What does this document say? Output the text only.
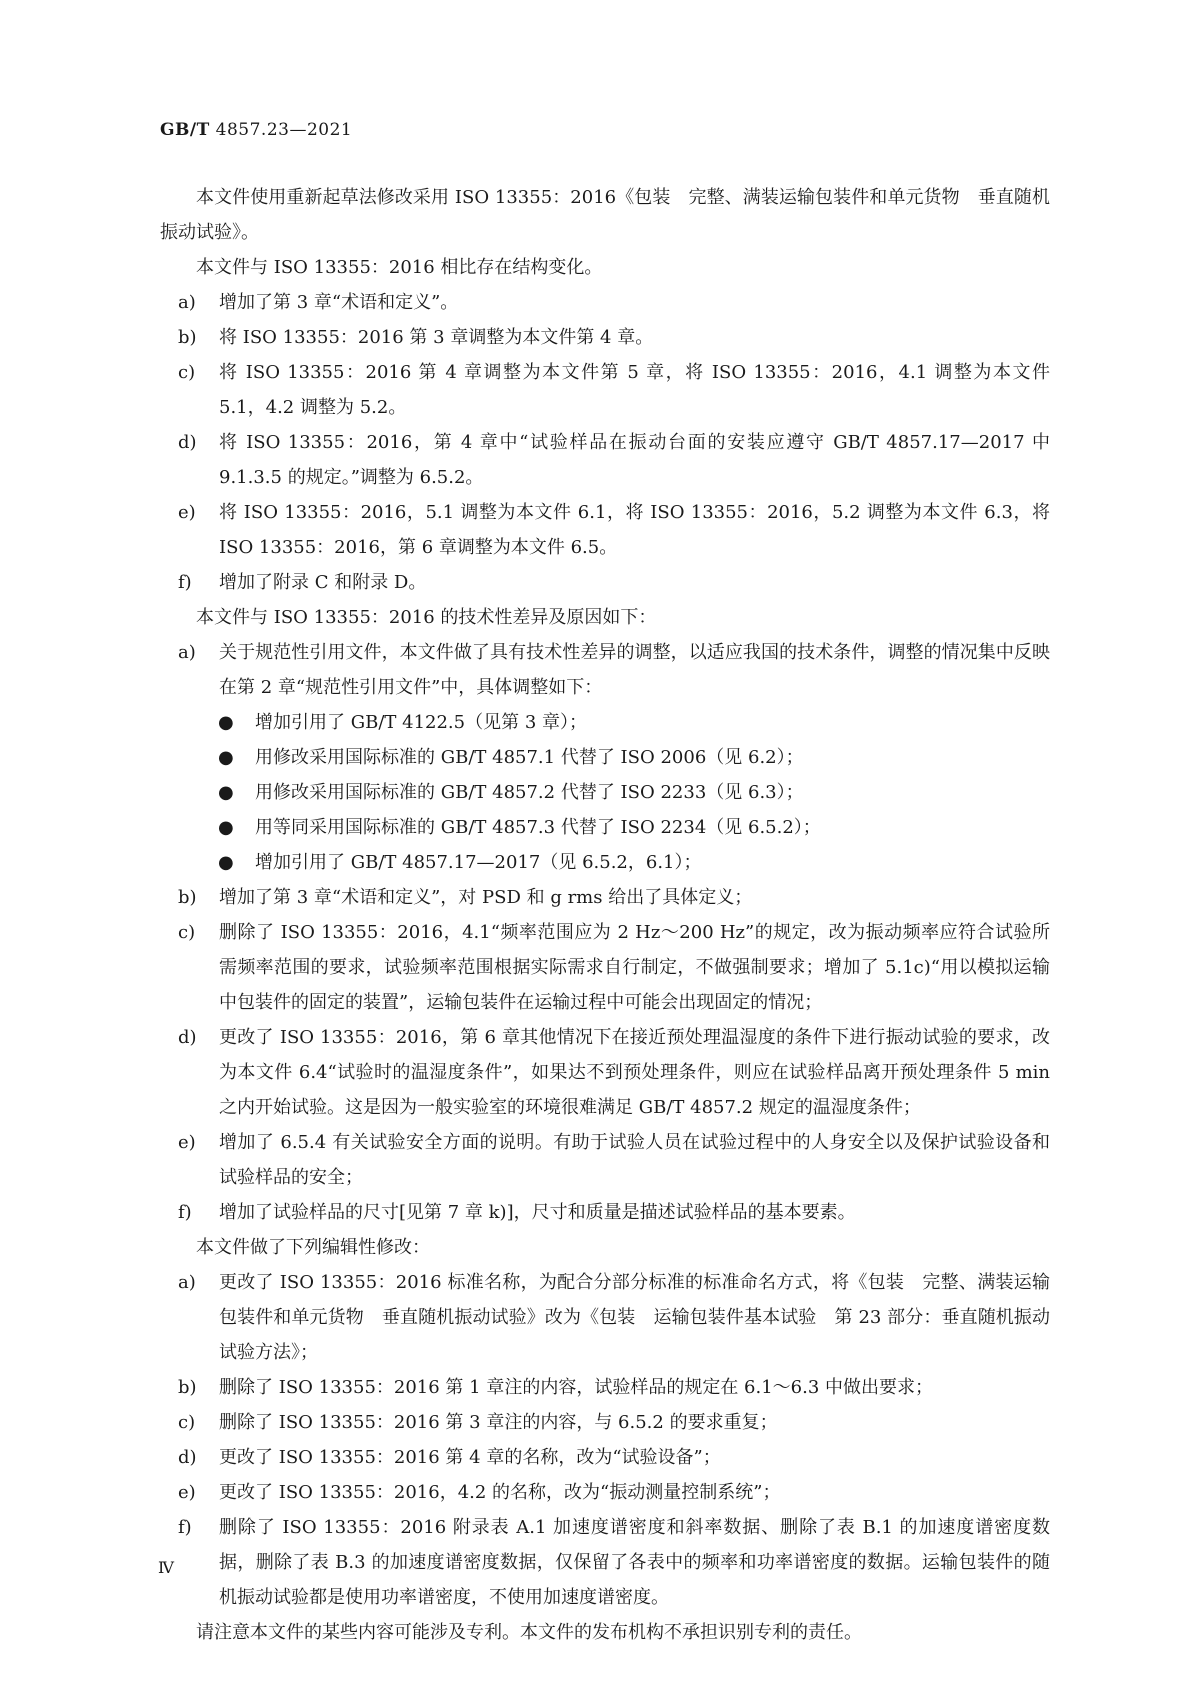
GB/T 4857.23—2021

本文件使用重新起草法修改采用 ISO 13355：2016《包装　完整、满装运输包装件和单元货物　垂直随机振动试验》。

本文件与 ISO 13355：2016 相比存在结构变化。

a) 增加了第 3 章“术语和定义”。

b) 将 ISO 13355：2016 第 3 章调整为本文件第 4 章。

c) 将 ISO 13355：2016 第 4 章调整为本文件第 5 章，将 ISO 13355：2016，4.1 调整为本文件 5.1，4.2 调整为 5.2。

d) 将 ISO 13355：2016，第 4 章中“试验样品在振动台面的安装应遵守 GB/T 4857.17—2017 中 9.1.3.5 的规定。”调整为 6.5.2。

e) 将 ISO 13355：2016，5.1 调整为本文件 6.1，将 ISO 13355：2016，5.2 调整为本文件 6.3，将 ISO 13355：2016，第 6 章调整为本文件 6.5。

f) 增加了附录 C 和附录 D。

本文件与 ISO 13355：2016 的技术性差异及原因如下：

a) 关于规范性引用文件，本文件做了具有技术性差异的调整，以适应我国的技术条件，调整的情况集中反映在第 2 章“规范性引用文件”中，具体调整如下：

● 增加引用了 GB/T 4122.5（见第 3 章）；

● 用修改采用国际标准的 GB/T 4857.1 代替了 ISO 2006（见 6.2）；

● 用修改采用国际标准的 GB/T 4857.2 代替了 ISO 2233（见 6.3）；

● 用等同采用国际标准的 GB/T 4857.3 代替了 ISO 2234（见 6.5.2）；

● 增加引用了 GB/T 4857.17—2017（见 6.5.2，6.1）；

b) 增加了第 3 章“术语和定义”，对 PSD 和 g rms 给出了具体定义；

c) 删除了 ISO 13355：2016，4.1“频率范围应为 2 Hz～200 Hz”的规定，改为振动频率应符合试验所需频率范围的要求，试验频率范围根据实际需求自行制定，不做强制要求；增加了 5.1c)“用以模拟运输中包装件的固定的装置”，运输包装件在运输过程中可能会出现固定的情况；

d) 更改了 ISO 13355：2016，第 6 章其他情况下在接近预处理温湿度的条件下进行振动试验的要求，改为本文件 6.4“试验时的温湿度条件”，如果达不到预处理条件，则应在试验样品离开预处理条件 5 min 之内开始试验。这是因为一般实验室的环境很难满足 GB/T 4857.2 规定的温湿度条件；

e) 增加了 6.5.4 有关试验安全方面的说明。有助于试验人员在试验过程中的人身安全以及保护试验设备和试验样品的安全；

f) 增加了试验样品的尺寸[见第 7 章 k)]，尺寸和质量是描述试验样品的基本要素。

本文件做了下列编辑性修改：

a) 更改了 ISO 13355：2016 标准名称，为配合分部分标准的标准命名方式，将《包装　完整、满装运输包装件和单元货物　垂直随机振动试验》改为《包装　运输包装件基本试验　第 23 部分：垂直随机振动试验方法》；

b) 删除了 ISO 13355：2016 第 1 章注的内容，试验样品的规定在 6.1～6.3 中做出要求；

c) 删除了 ISO 13355：2016 第 3 章注的内容，与 6.5.2 的要求重复；

d) 更改了 ISO 13355：2016 第 4 章的名称，改为“试验设备”；

e) 更改了 ISO 13355：2016，4.2 的名称，改为“振动测量控制系统”；

f) 删除了 ISO 13355：2016 附录表 A.1 加速度谱密度和斜率数据、删除了表 B.1 的加速度谱密度数据，删除了表 B.3 的加速度谱密度数据，仅保留了各表中的频率和功率谱密度的数据。运输包装件的随机振动试验都是使用功率谱密度，不使用加速度谱密度。

请注意本文件的某些内容可能涉及专利。本文件的发布机构不承担识别专利的责任。

Ⅳ
